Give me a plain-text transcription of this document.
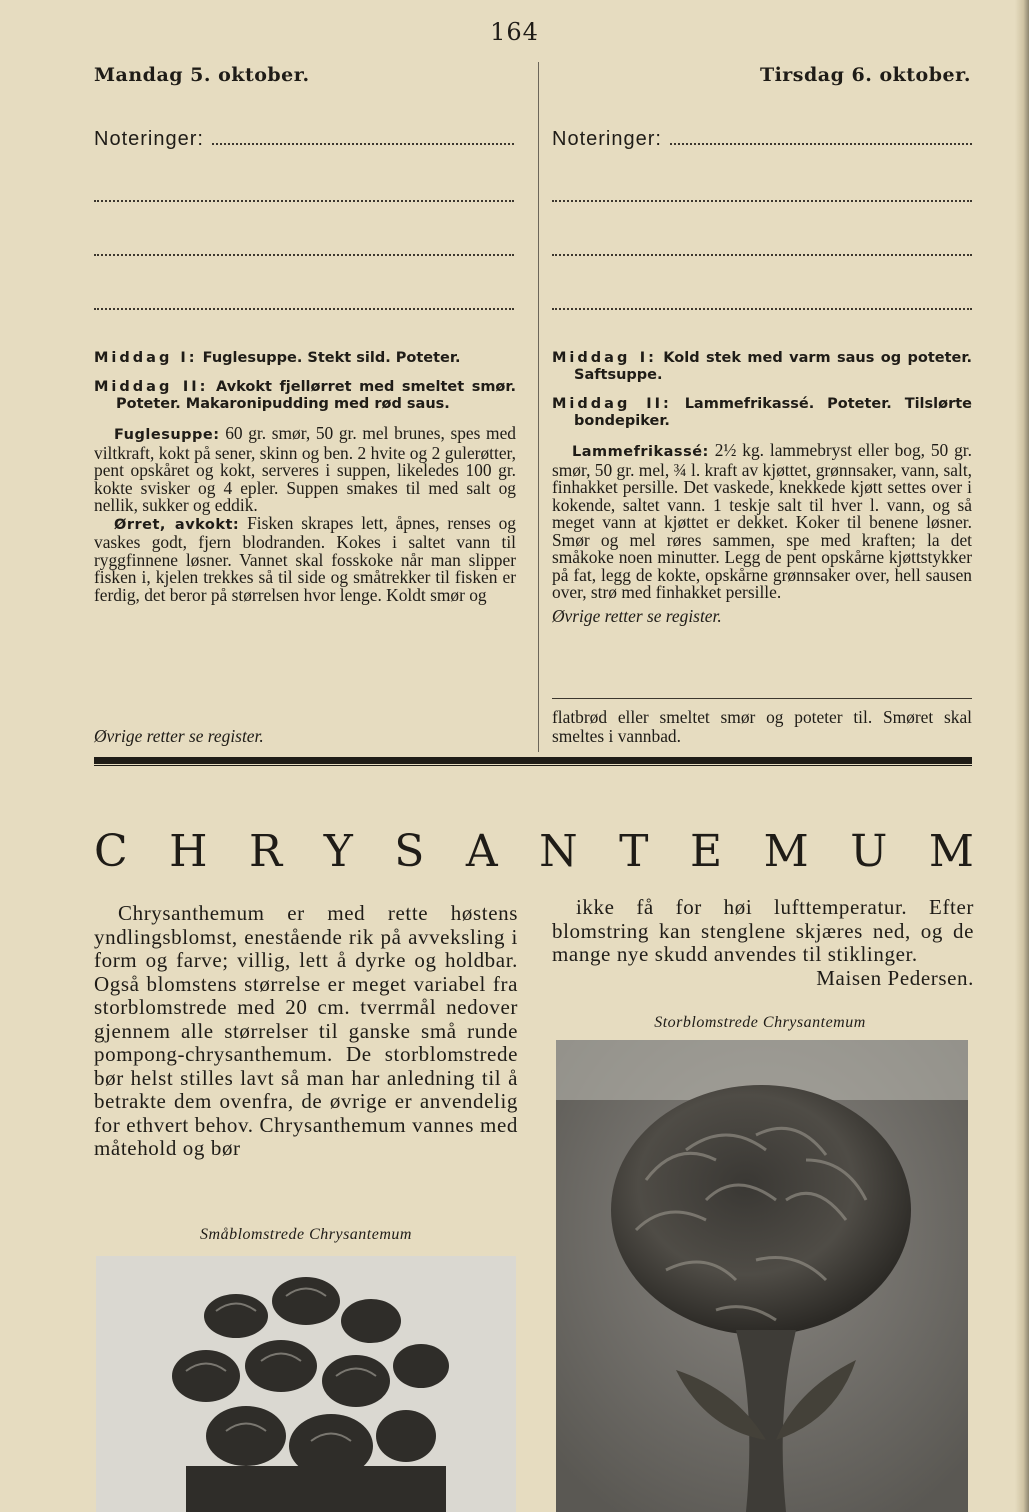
164
Mandag 5. oktober.	Tirsdag 6. oktober.
Noteringer:	Noteringer:
Middag I: Fuglesuppe. Stekt sild. Poteter.
Middag II: Avkokt fjellørret med smeltet smør. Poteter. Makaronipudding med rød saus.

Fuglesuppe: 60 gr. smør, 50 gr. mel brunes, spes med viltkraft, kokt på sener, skinn og ben. 2 hvite og 2 gulerøtter, pent opskåret og kokt, serveres i suppen, likeledes 100 gr. kokte svisker og 4 epler. Suppen smakes til med salt og nellik, sukker og eddik.

Ørret, avkokt: Fisken skrapes lett, åpnes, renses og vaskes godt, fjern blodranden. Kokes i saltet vann til ryggfinnene løsner. Vannet skal fosskoke når man slipper fisken i, kjelen trekkes så til side og småtrekker til fisken er ferdig, det beror på størrelsen hvor lenge. Koldt smør og

Øvrige retter se register.
Middag I: Kold stek med varm saus og poteter. Saftsuppe.
Middag II: Lammefrikassé. Poteter. Tilslørte bondepiker.

Lammefrikassé: 2½ kg. lammebryst eller bog, 50 gr. smør, 50 gr. mel, ¾ l. kraft av kjøttet, grønnsaker, vann, salt, finhakket persille. Det vaskede, knekkede kjøtt settes over i kokende, saltet vann. 1 teskje salt til hver l. vann, og så meget vann at kjøttet er dekket. Koker til benene løsner. Smør og mel røres sammen, spe med kraften; la det småkoke noen minutter. Legg de pent opskårne kjøttstykker på fat, legg de kokte, opskårne grønnsaker over, hell sausen over, strø med finhakket persille.

Øvrige retter se register.
flatbrød eller smeltet smør og poteter til. Smøret skal smeltes i vannbad.
C H R Y S A N T E M U M

Chrysanthemum er med rette høstens yndlingsblomst, enestående rik på avveksling i form og farve; villig, lett å dyrke og holdbar. Også blomstens størrelse er meget variabel fra storblomstrede med 20 cm. tverrmål nedover gjennem alle størrelser til ganske små runde pompong-chrysanthemum. De storblomstrede bør helst stilles lavt så man har anledning til å betrakte dem ovenfra, de øvrige er anvendelig for ethvert behov. Chrysanthemum vannes med måtehold og bør

ikke få for høi lufttemperatur. Efter blomstring kan stenglene skjæres ned, og de mange nye skudd anvendes til stiklinger.

Maisen Pedersen.
Storblomstrede Chrysantemum
Småblomstrede Chrysantemum
